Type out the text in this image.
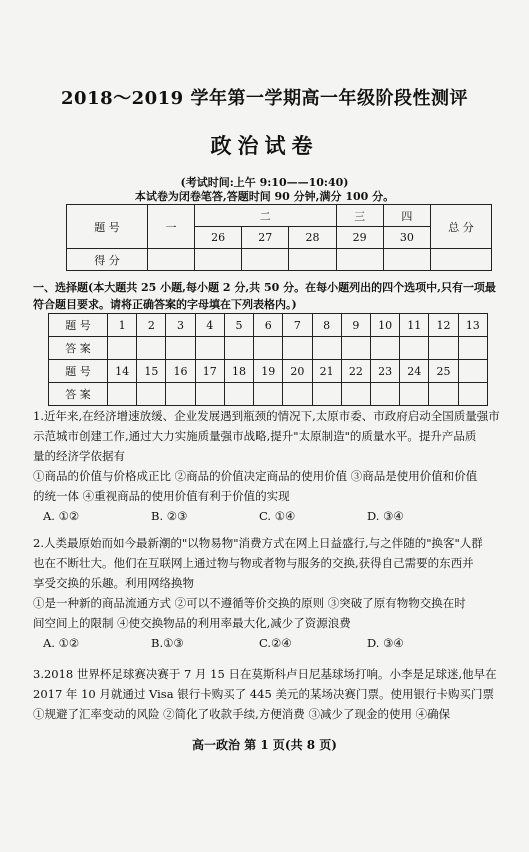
2018～2019 学年第一学期高一年级阶段性测评
政治试卷
(考试时间:上午 9:10——10:40)
本试卷为闭卷笔答,答题时间 90 分钟,满分 100 分。
题 号	一	二			三	四	总 分
		26	27	28	29	30	
得 分							
一、选择题(本大题共 25 小题,每小题 2 分,共 50 分。在每小题列出的四个选项中,只有一项最符合题目要求。请将正确答案的字母填在下列表格内。)
题 号	1	2	3	4	5	6	7	8	9	10	11	12	13
答 案													
题 号	14	15	16	17	18	19	20	21	22	23	24	25	
答 案													
1.近年来,在经济增速放缓、企业发展遇到瓶颈的情况下,太原市委、市政府启动全国质量强市
示范城市创建工作,通过大力实施质量强市战略,提升"太原制造"的质量水平。提升产品质
量的经济学依据有
①商品的价值与价格成正比 ②商品的价值决定商品的使用价值 ③商品是使用价值和价值
的统一体 ④重视商品的使用价值有利于价值的实现
A. ①②	B. ②③	C. ①④	D. ③④
2.人类最原始而如今最新潮的"以物易物"消费方式在网上日益盛行,与之伴随的"换客"人群
也在不断壮大。他们在互联网上通过物与物或者物与服务的交换,获得自己需要的东西并
享受交换的乐趣。利用网络换物
①是一种新的商品流通方式 ②可以不遵循等价交换的原则 ③突破了原有物物交换在时
间空间上的限制 ④使交换物品的利用率最大化,减少了资源浪费
A. ①②	B.①③	C.②④	D. ③④
3.2018 世界杯足球赛决赛于 7 月 15 日在莫斯科卢日尼基球场打响。小李是足球迷,他早在
2017 年 10 月就通过 Visa 银行卡购买了 445 美元的某场决赛门票。使用银行卡购买门票
①规避了汇率变动的风险 ②简化了收款手续,方便消费 ③减少了现金的使用 ④确保
高一政治 第 1 页(共 8 页)
